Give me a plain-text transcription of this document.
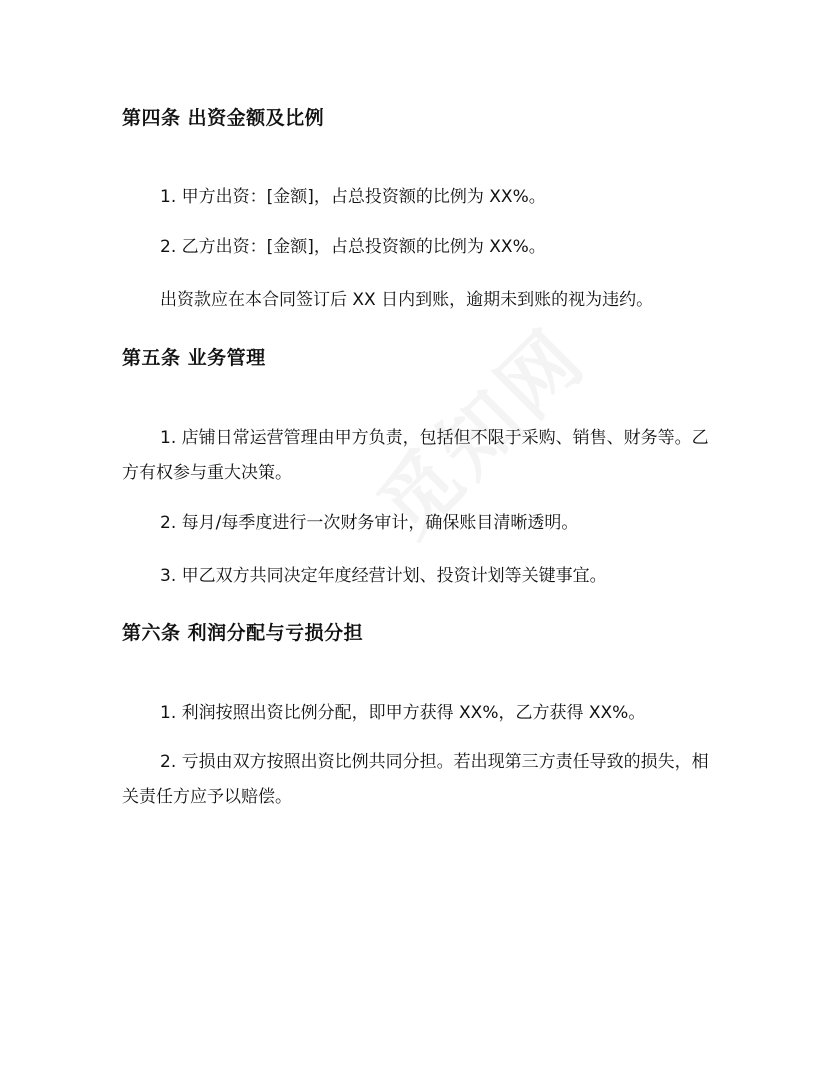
第四条 出资金额及比例
1. 甲方出资：[金额]，占总投资额的比例为 XX%。
2. 乙方出资：[金额]，占总投资额的比例为 XX%。
出资款应在本合同签订后 XX 日内到账，逾期未到账的视为违约。
第五条 业务管理
1. 店铺日常运营管理由甲方负责，包括但不限于采购、销售、财务等。乙方有权参与重大决策。
2. 每月/每季度进行一次财务审计，确保账目清晰透明。
3. 甲乙双方共同决定年度经营计划、投资计划等关键事宜。
第六条 利润分配与亏损分担
1. 利润按照出资比例分配，即甲方获得 XX%，乙方获得 XX%。
2. 亏损由双方按照出资比例共同分担。若出现第三方责任导致的损失，相关责任方应予以赔偿。
